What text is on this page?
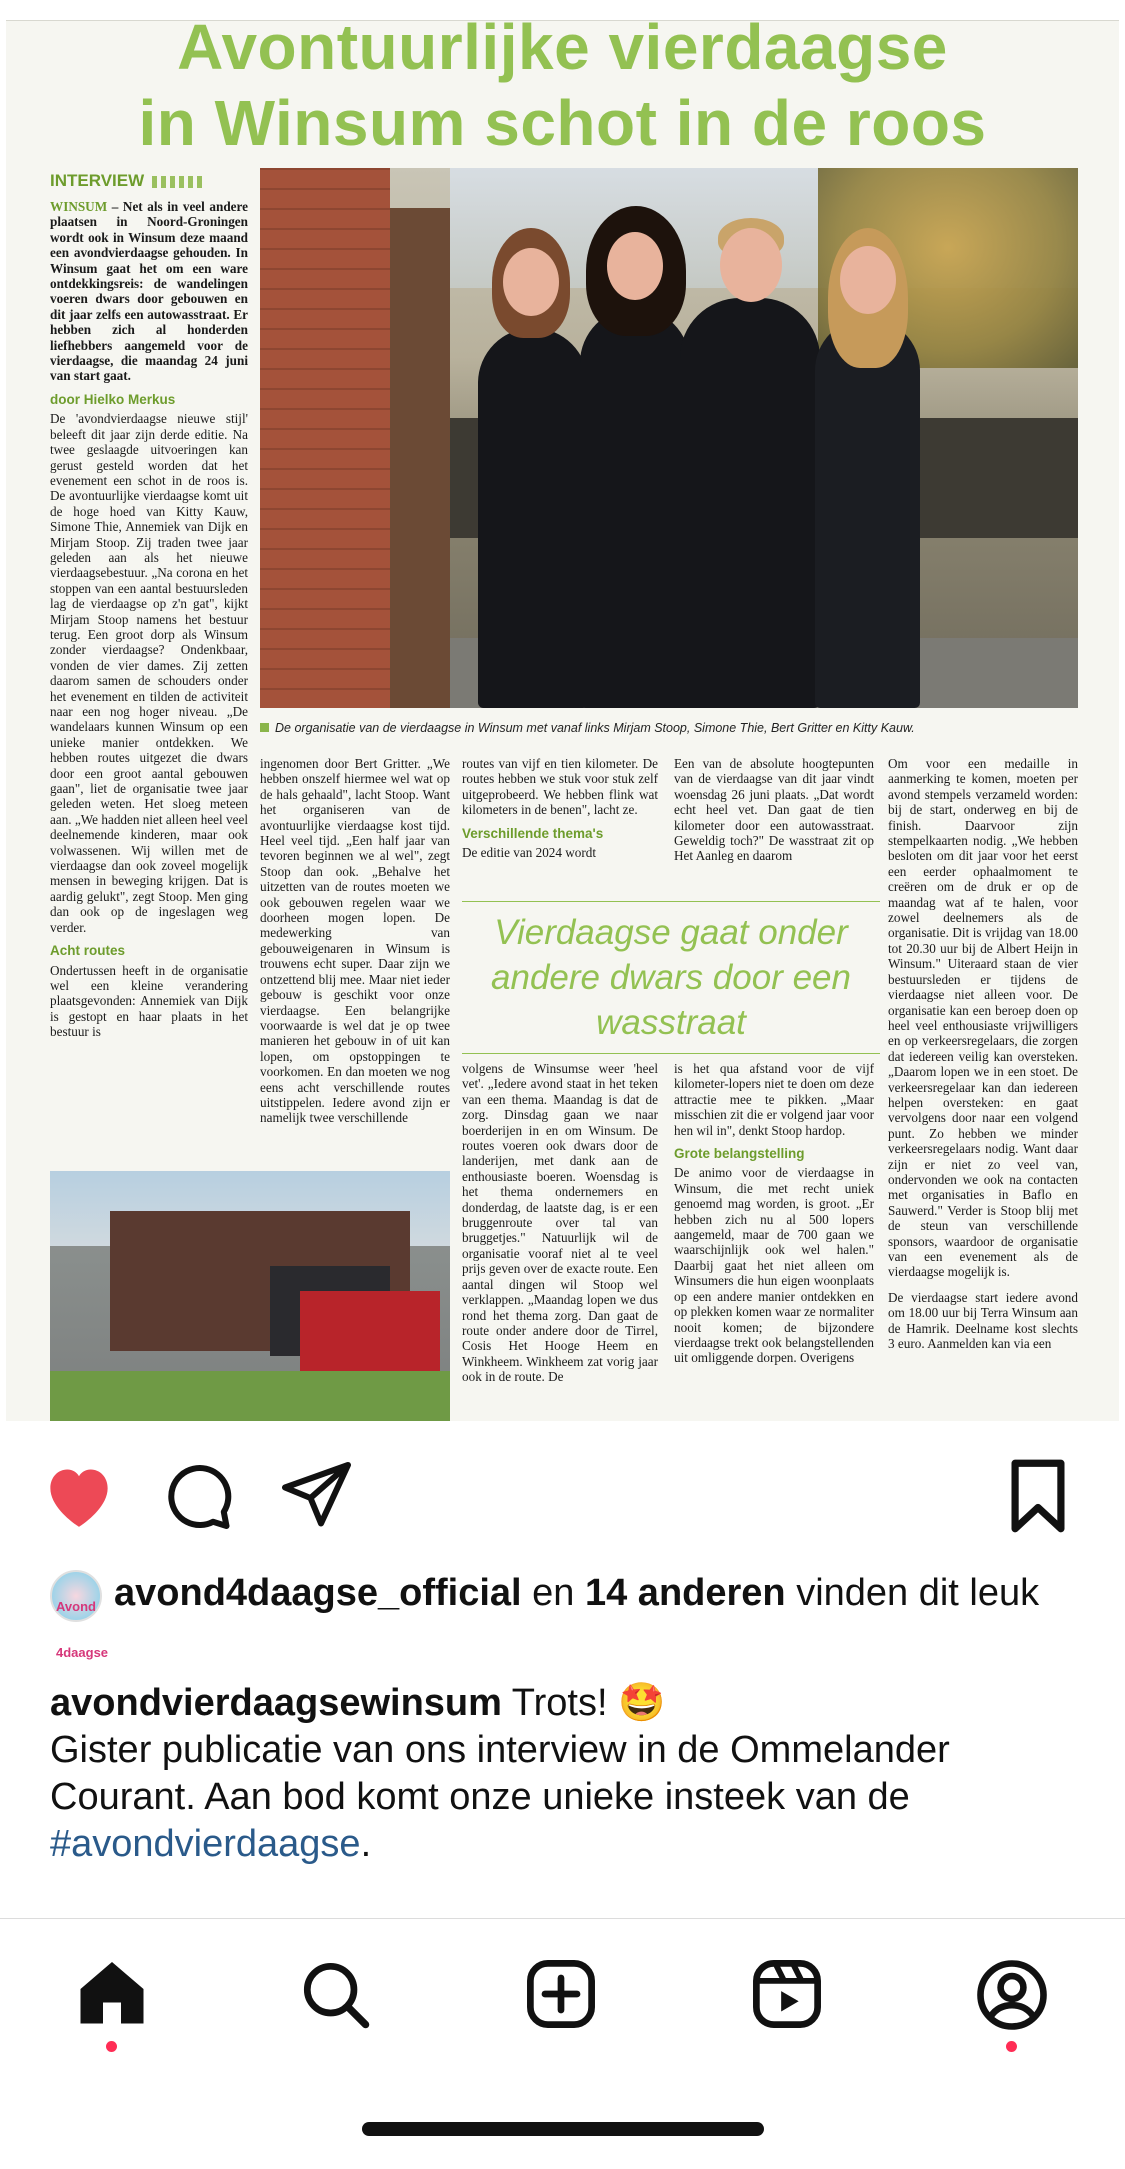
Avontuurlijke vierdaagse
in Winsum schot in de roos
INTERVIEW

WINSUM – Net als in veel andere plaatsen in Noord-Groningen wordt ook in Winsum deze maand een avondvierdaagse gehouden. In Winsum gaat het om een ware ontdekkingsreis: de wandelingen voeren dwars door gebouwen en dit jaar zelfs een autowasstraat. Er hebben zich al honderden liefhebbers aangemeld voor de vierdaagse, die maandag 24 juni van start gaat.

door Hielko Merkus

De 'avondvierdaagse nieuwe stijl' beleeft dit jaar zijn derde editie. Na twee geslaagde uitvoeringen kan gerust gesteld worden dat het evenement een schot in de roos is. De avontuurlijke vierdaagse komt uit de hoge hoed van Kitty Kauw, Simone Thie, Annemiek van Dijk en Mirjam Stoop. Zij traden twee jaar geleden aan als het nieuwe vierdaagsebestuur. „Na corona en het stoppen van een aantal bestuursleden lag de vierdaagse op z'n gat", kijkt Mirjam Stoop namens het bestuur terug. Een groot dorp als Winsum zonder vierdaagse? Ondenkbaar, vonden de vier dames. Zij zetten daarom samen de schouders onder het evenement en tilden de activiteit naar een nog hoger niveau. „De wandelaars kunnen Winsum op een unieke manier ontdekken. We hebben routes uitgezet die dwars door een groot aantal gebouwen gaan", liet de organisatie twee jaar geleden weten. Het sloeg meteen aan. „We hadden niet alleen heel veel deelnemende kinderen, maar ook volwassenen. Wij willen met de vierdaagse dan ook zoveel mogelijk mensen in beweging krijgen. Dat is aardig gelukt", zegt Stoop. Men ging dan ook op de ingeslagen weg verder.

Acht routes

Ondertussen heeft in de organisatie wel een kleine verandering plaatsgevonden: Annemiek van Dijk is gestopt en haar plaats in het bestuur is

De organisatie van de vierdaagse in Winsum met vanaf links Mirjam Stoop, Simone Thie, Bert Gritter en Kitty Kauw.

ingenomen door Bert Gritter. „We hebben onszelf hiermee wel wat op de hals gehaald", lacht Stoop. Want het organiseren van de avontuurlijke vierdaagse kost tijd. Heel veel tijd. „Een half jaar van tevoren beginnen we al wel", zegt Stoop dan ook. „Behalve het uitzetten van de routes moeten we ook gebouwen regelen waar we doorheen mogen lopen. De medewerking van gebouweigenaren in Winsum is trouwens echt super. Daar zijn we ontzettend blij mee. Maar niet ieder gebouw is geschikt voor onze vierdaagse. Een belangrijke voorwaarde is wel dat je op twee manieren het gebouw in of uit kan lopen, om opstoppingen te voorkomen. En dan moeten we nog eens acht verschillende routes uitstippelen. Iedere avond zijn er namelijk twee verschillende

routes van vijf en tien kilometer. De routes hebben we stuk voor stuk zelf uitgeprobeerd. We hebben flink wat kilometers in de benen", lacht ze.

Verschillende thema's

De editie van 2024 wordt

Een van de absolute hoogtepunten van de vierdaagse van dit jaar vindt woensdag 26 juni plaats. „Dat wordt echt heel vet. Dan gaat de tien kilometer door een autowasstraat. Geweldig toch?" De wasstraat zit op Het Aanleg en daarom

Vierdaagse gaat onder andere dwars door een wasstraat

volgens de Winsumse weer 'heel vet'. „Iedere avond staat in het teken van een thema. Maandag is dat de zorg. Dinsdag gaan we naar boerderijen in en om Winsum. De routes voeren ook dwars door de landerijen, met dank aan de enthousiaste boeren. Woensdag is het thema ondernemers en donderdag, de laatste dag, is er een bruggenroute over tal van bruggetjes." Natuurlijk wil de organisatie vooraf niet al te veel prijs geven over de exacte route. Een aantal dingen wil Stoop wel verklappen. „Maandag lopen we dus rond het thema zorg. Dan gaat de route onder andere door de Tirrel, Cosis Het Hooge Heem en Winkheem. Winkheem zat vorig jaar ook in de route. De

is het qua afstand voor de vijf kilometer-lopers niet te doen om deze attractie mee te pikken. „Maar misschien zit die er volgend jaar voor hen wil in", denkt Stoop hardop.

Grote belangstelling

De animo voor de vierdaagse in Winsum, die met recht uniek genoemd mag worden, is groot. „Er hebben zich nu al 500 lopers aangemeld, maar de 700 gaan we waarschijnlijk ook wel halen." Daarbij gaat het niet alleen om Winsumers die hun eigen woonplaats op een andere manier ontdekken en op plekken komen waar ze normaliter nooit komen; de bijzondere vierdaagse trekt ook belangstellenden uit omliggende dorpen. Overigens

Om voor een medaille in aanmerking te komen, moeten per avond stempels verzameld worden: bij de start, onderweg en bij de finish. Daarvoor zijn stempelkaarten nodig. „We hebben besloten om dit jaar voor het eerst een eerder ophaalmoment te creëren om de druk er op de maandag wat af te halen, voor zowel deelnemers als de organisatie. Dit is vrijdag van 18.00 tot 20.30 uur bij de Albert Heijn in Winsum." Uiteraard staan de vier bestuursleden er tijdens de vierdaagse niet alleen voor. De organisatie kan een beroep doen op heel veel enthousiaste vrijwilligers en op verkeersregelaars, die zorgen dat iedereen veilig kan oversteken. „Daarom lopen we in een stoet. De verkeersregelaar kan dan iedereen helpen oversteken: en gaat vervolgens door naar een volgend punt. Zo hebben we minder verkeersregelaars nodig. Want daar zijn er niet zo veel van, ondervonden we ook na contacten met organisaties in Baflo en Sauwerd." Verder is Stoop blij met de steun van verschillende sponsors, waardoor de organisatie van een evenement als de vierdaagse mogelijk is.

De vierdaagse start iedere avond om 18.00 uur bij Terra Winsum aan de Hamrik. Deelname kost slechts 3 euro. Aanmelden kan via een

Avond 4daagse
avond4daagse_official en 14 anderen vinden dit leuk
avondvierdaagsewinsum Trots! 🤩
Gister publicatie van ons interview in de Ommelander Courant. Aan bod komt onze unieke insteek van de #avondvierdaagse.
